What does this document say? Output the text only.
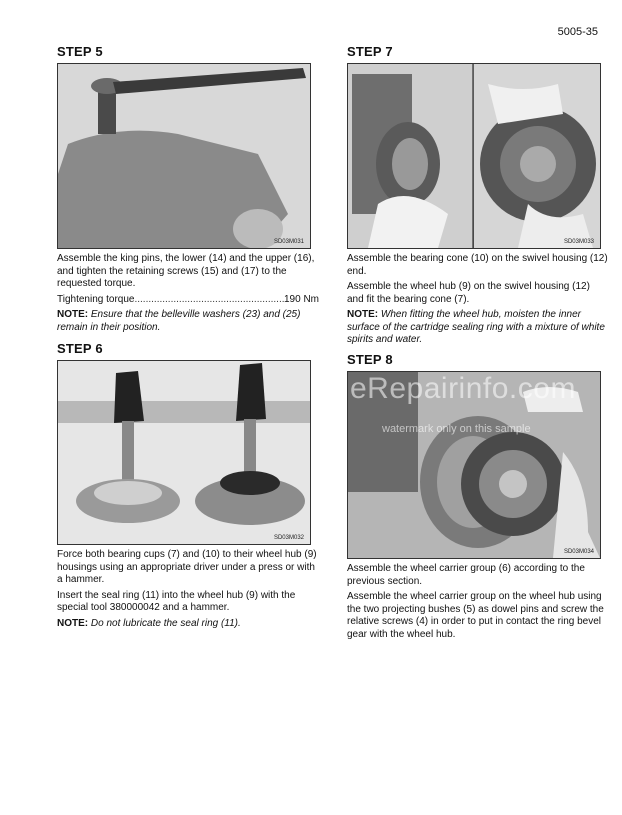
5005-35
STEP 5
SD03M031

Assemble the king pins, the lower (14) and the upper (16), and tighten the retaining screws (15) and (17) to the requested torque.

Tightening torque
.....	190 Nm

NOTE: Ensure that the belleville washers (23) and (25) remain in their position.

STEP 6
SD03M032

Force both bearing cups (7) and (10) to their wheel hub (9) housings using an appropriate driver under a press or with a hammer.

Insert the seal ring (11) into the wheel hub (9) with the special tool 380000042 and a hammer.

NOTE: Do not lubricate the seal ring (11).

STEP 7
SD03M033

Assemble the bearing cone (10) on the swivel housing (12) end.

Assemble the wheel hub (9) on the swivel housing (12) and fit the bearing cone (7).

NOTE: When fitting the wheel hub, moisten the inner surface of the cartridge sealing ring with a mixture of white spirits and water.

STEP 8
SD03M034

Assemble the wheel carrier group (6) according to the previous section.

Assemble the wheel carrier group on the wheel hub using the two projecting bushes (5) as dowel pins and screw the relative screws (4) in order to put in contact the ring bevel gear with the wheel hub.

eRepairinfo.com
watermark only on this sample
